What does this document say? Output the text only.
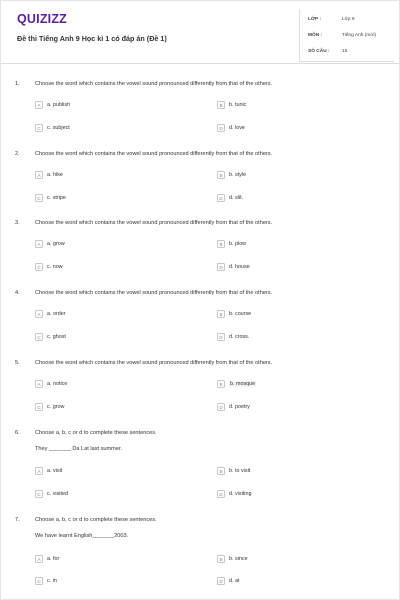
QUIZIZZ
Đề thi Tiếng Anh 9 Học kì 1 có đáp án (Đề 1)
LỚP :	Lớp 9
MÔN :	Tiếng Anh (mới)
SỐ CÂU :	15
1.	Choose the word which contains the vowel sound pronounced differently from that of the others.
A	a. publish	B	b. tunic
C	c. subject	D	d. love
2.	Choose the word which contains the vowel sound pronounced differently from that of the others.
A	a. hike	B	b. style
C	c. stripe	D	d. slit.
3.	Choose the word which contains the vowel sound pronounced differently from that of the others.
A	a. grow	B	b. plow
C	c. now	D	d. house
4.	Choose the word which contains the vowel sound pronounced differently from that of the others.
A	a. order	B	b. course
C	c. ghost	D	d. cross.
5.	Choose the word which contains the vowel sound pronounced differently from that of the others.
A	a. notice	B	b. mosque
C	c. grow	D	d. poetry
6.	Choose a, b, c or d to complete these sentences.
They _______ Da Lat last summer.
A	a. visit	B	b. to visit
C	c. visited	D	d. visiting
7.	Choose a, b, c or d to complete these sentences.
We have learnt English_______2003.
A	a. for	B	b. since
C	c. in	D	d. at
